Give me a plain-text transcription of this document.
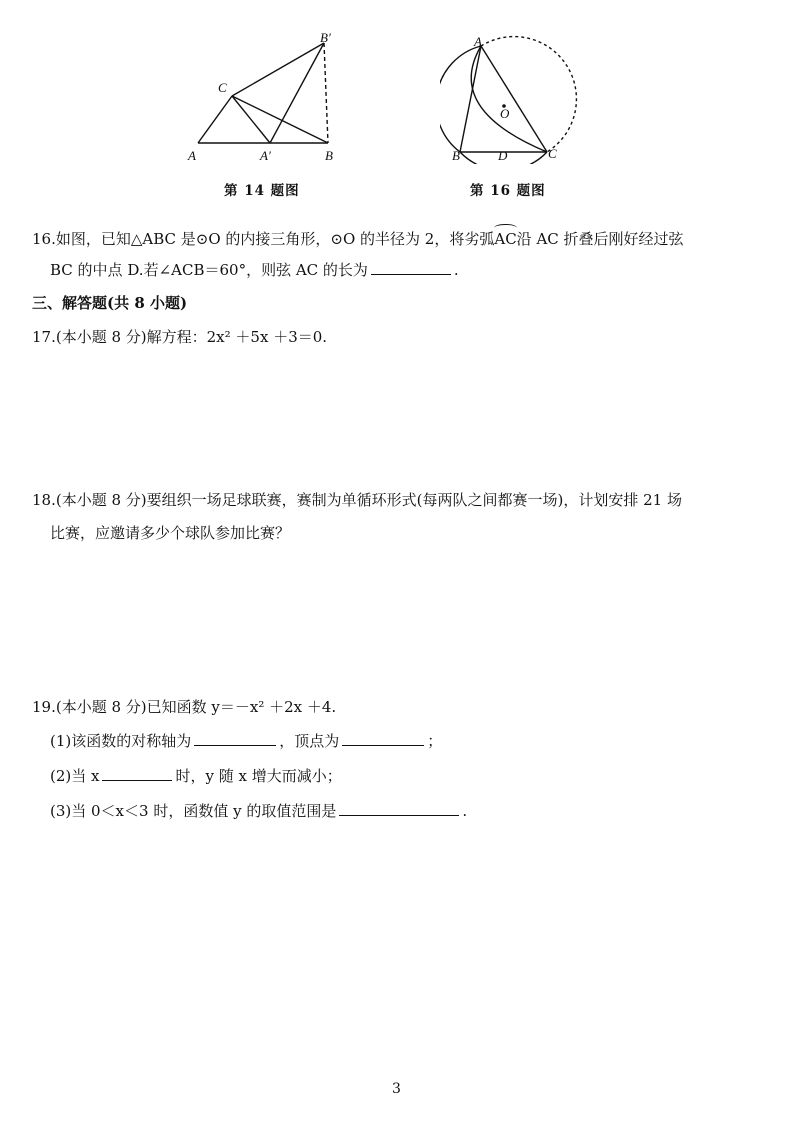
A
C
A′	B
B′
第 14 题图
A
O
B	D	C
第 16 题图
16.如图，已知△ABC 是⊙O 的内接三角形，⊙O 的半径为 2，将劣弧AC沿 AC 折叠后刚好经过弦
BC 的中点 D.若∠ACB＝60°，则弦 AC 的长为	.
三、解答题(共 8 小题)
17.(本小题 8 分)解方程：2x² ＋5x ＋3＝0.
18.(本小题 8 分)要组织一场足球联赛，赛制为单循环形式(每两队之间都赛一场)，计划安排 21 场
比赛，应邀请多少个球队参加比赛？
19.(本小题 8 分)已知函数 y＝－x² ＋2x ＋4.
(1)该函数的对称轴为	，顶点为	；
(2)当 x	时，y 随 x 增大而减小；
(3)当 0＜x＜3 时，函数值 y 的取值范围是	.
3
